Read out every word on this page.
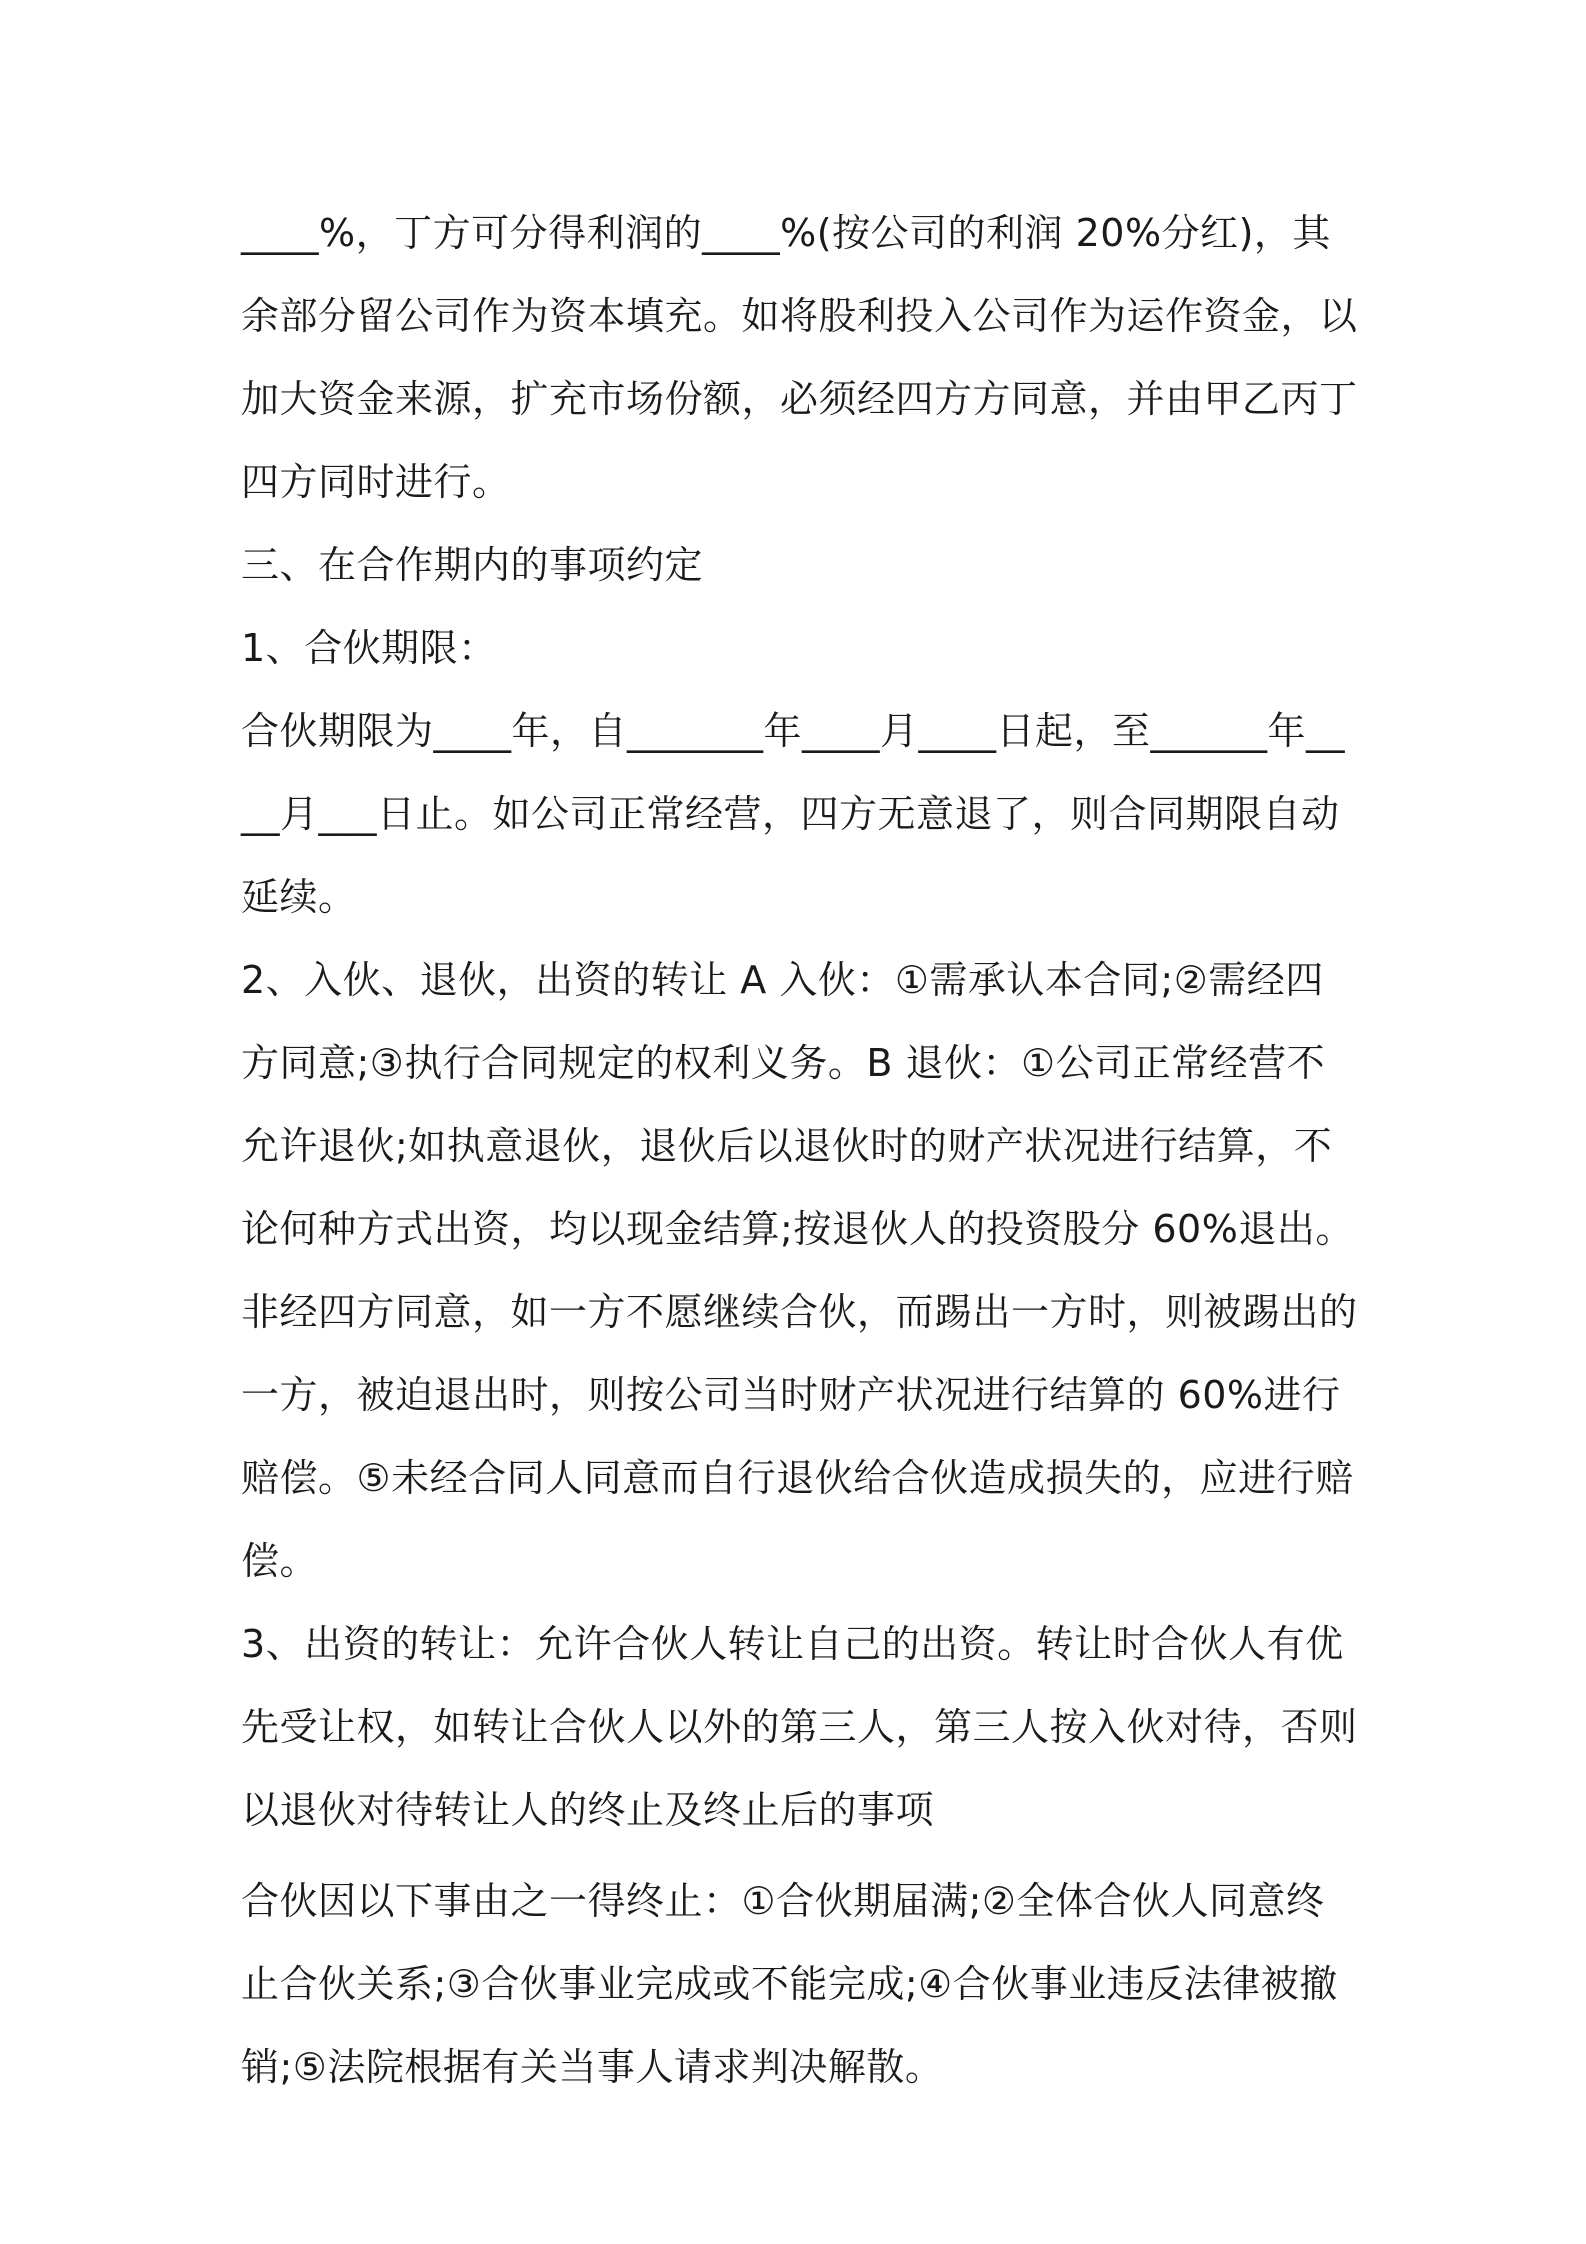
____%，丁方可分得利润的____%(按公司的利润 20%分红)，其余部分留公司作为资本填充。如将股利投入公司作为运作资金，以加大资金来源，扩充市场份额，必须经四方方同意，并由甲乙丙丁四方同时进行。

三、在合作期内的事项约定

1、合伙期限：

合伙期限为____年，自_______年____月____日起，至______年____月___日止。如公司正常经营，四方无意退了，则合同期限自动延续。

2、入伙、退伙，出资的转让 A 入伙：①需承认本合同;②需经四方同意;③执行合同规定的权利义务。B 退伙：①公司正常经营不允许退伙;如执意退伙，退伙后以退伙时的财产状况进行结算，不论何种方式出资，均以现金结算;按退伙人的投资股分 60%退出。非经四方同意，如一方不愿继续合伙，而踢出一方时，则被踢出的一方，被迫退出时，则按公司当时财产状况进行结算的 60%进行赔偿。⑤未经合同人同意而自行退伙给合伙造成损失的，应进行赔偿。

3、出资的转让：允许合伙人转让自己的出资。转让时合伙人有优先受让权，如转让合伙人以外的第三人，第三人按入伙对待，否则以退伙对待转让人的终止及终止后的事项

合伙因以下事由之一得终止：①合伙期届满;②全体合伙人同意终止合伙关系;③合伙事业完成或不能完成;④合伙事业违反法律被撤销;⑤法院根据有关当事人请求判决解散。
